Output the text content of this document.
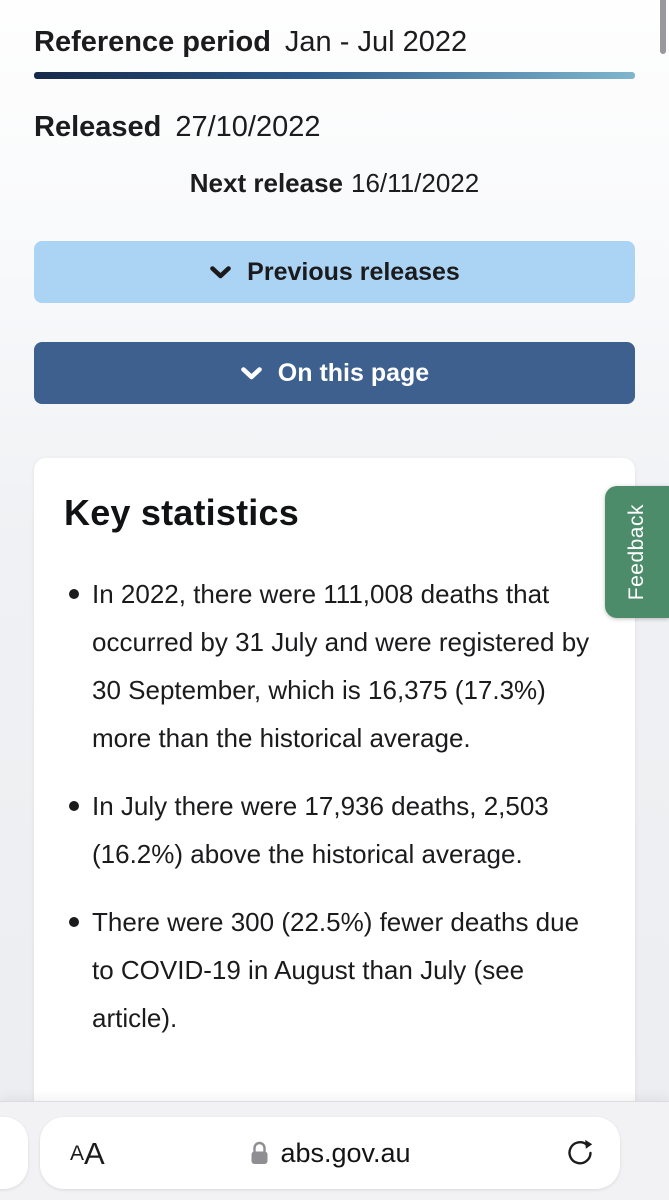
Reference period Jan - Jul 2022
Released 27/10/2022
Next release 16/11/2022
Previous releases
On this page
Key statistics
In 2022, there were 111,008 deaths that occurred by 31 July and were registered by 30 September, which is 16,375 (17.3%) more than the historical average.
In July there were 17,936 deaths, 2,503 (16.2%) above the historical average.
There were 300 (22.5%) fewer deaths due to COVID-19 in August than July (see article).
Feedback
A A	abs.gov.au
